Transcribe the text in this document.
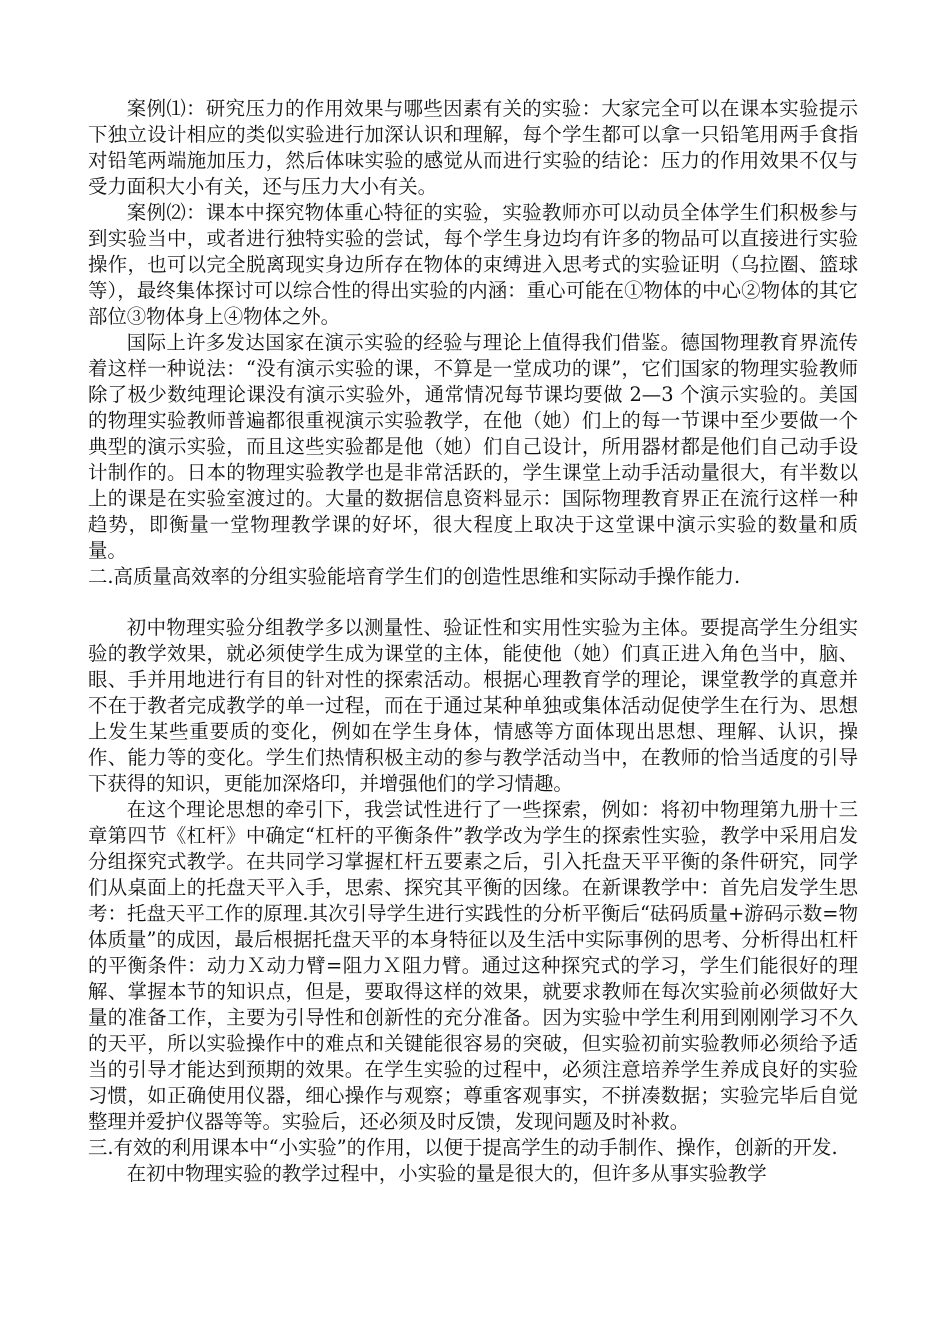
案例⑴：研究压力的作用效果与哪些因素有关的实验：大家完全可以在课本实验提示下独立设计相应的类似实验进行加深认识和理解，每个学生都可以拿一只铅笔用两手食指对铅笔两端施加压力，然后体味实验的感觉从而进行实验的结论：压力的作用效果不仅与受力面积大小有关，还与压力大小有关。

案例⑵：课本中探究物体重心特征的实验，实验教师亦可以动员全体学生们积极参与到实验当中，或者进行独特实验的尝试，每个学生身边均有许多的物品可以直接进行实验操作，也可以完全脱离现实身边所存在物体的束缚进入思考式的实验证明（乌拉圈、篮球等），最终集体探讨可以综合性的得出实验的内涵：重心可能在①物体的中心②物体的其它部位③物体身上④物体之外。

国际上许多发达国家在演示实验的经验与理论上值得我们借鉴。德国物理教育界流传着这样一种说法：“没有演示实验的课，不算是一堂成功的课”，它们国家的物理实验教师除了极少数纯理论课没有演示实验外，通常情况每节课均要做 2—3 个演示实验的。美国的物理实验教师普遍都很重视演示实验教学，在他（她）们上的每一节课中至少要做一个典型的演示实验，而且这些实验都是他（她）们自己设计，所用器材都是他们自己动手设计制作的。日本的物理实验教学也是非常活跃的，学生课堂上动手活动量很大，有半数以上的课是在实验室渡过的。大量的数据信息资料显示：国际物理教育界正在流行这样一种趋势，即衡量一堂物理教学课的好坏，很大程度上取决于这堂课中演示实验的数量和质量。

二.高质量高效率的分组实验能培育学生们的创造性思维和实际动手操作能力.

初中物理实验分组教学多以测量性、验证性和实用性实验为主体。要提高学生分组实验的教学效果，就必须使学生成为课堂的主体，能使他（她）们真正进入角色当中，脑、眼、手并用地进行有目的针对性的探索活动。根据心理教育学的理论，课堂教学的真意并不在于教者完成教学的单一过程，而在于通过某种单独或集体活动促使学生在行为、思想上发生某些重要质的变化，例如在学生身体，情感等方面体现出思想、理解、认识，操作、能力等的变化。学生们热情积极主动的参与教学活动当中，在教师的恰当适度的引导下获得的知识，更能加深烙印，并增强他们的学习情趣。

在这个理论思想的牵引下，我尝试性进行了一些探索，例如：将初中物理第九册十三章第四节《杠杆》中确定“杠杆的平衡条件”教学改为学生的探索性实验，教学中采用启发分组探究式教学。在共同学习掌握杠杆五要素之后，引入托盘天平平衡的条件研究，同学们从桌面上的托盘天平入手，思索、探究其平衡的因缘。在新课教学中：首先启发学生思考：托盘天平工作的原理.其次引导学生进行实践性的分析平衡后“砝码质量+游码示数=物体质量”的成因，最后根据托盘天平的本身特征以及生活中实际事例的思考、分析得出杠杆的平衡条件：动力Ｘ动力臂=阻力Ｘ阻力臂。通过这种探究式的学习，学生们能很好的理解、掌握本节的知识点，但是，要取得这样的效果，就要求教师在每次实验前必须做好大量的准备工作，主要为引导性和创新性的充分准备。因为实验中学生利用到刚刚学习不久的天平，所以实验操作中的难点和关键能很容易的突破，但实验初前实验教师必须给予适当的引导才能达到预期的效果。在学生实验的过程中，必须注意培养学生养成良好的实验习惯，如正确使用仪器，细心操作与观察；尊重客观事实，不拼凑数据；实验完毕后自觉整理并爱护仪器等等。实验后，还必须及时反馈，发现问题及时补救。

三.有效的利用课本中“小实验”的作用，以便于提高学生的动手制作、操作，创新的开发.

在初中物理实验的教学过程中，小实验的量是很大的，但许多从事实验教学
